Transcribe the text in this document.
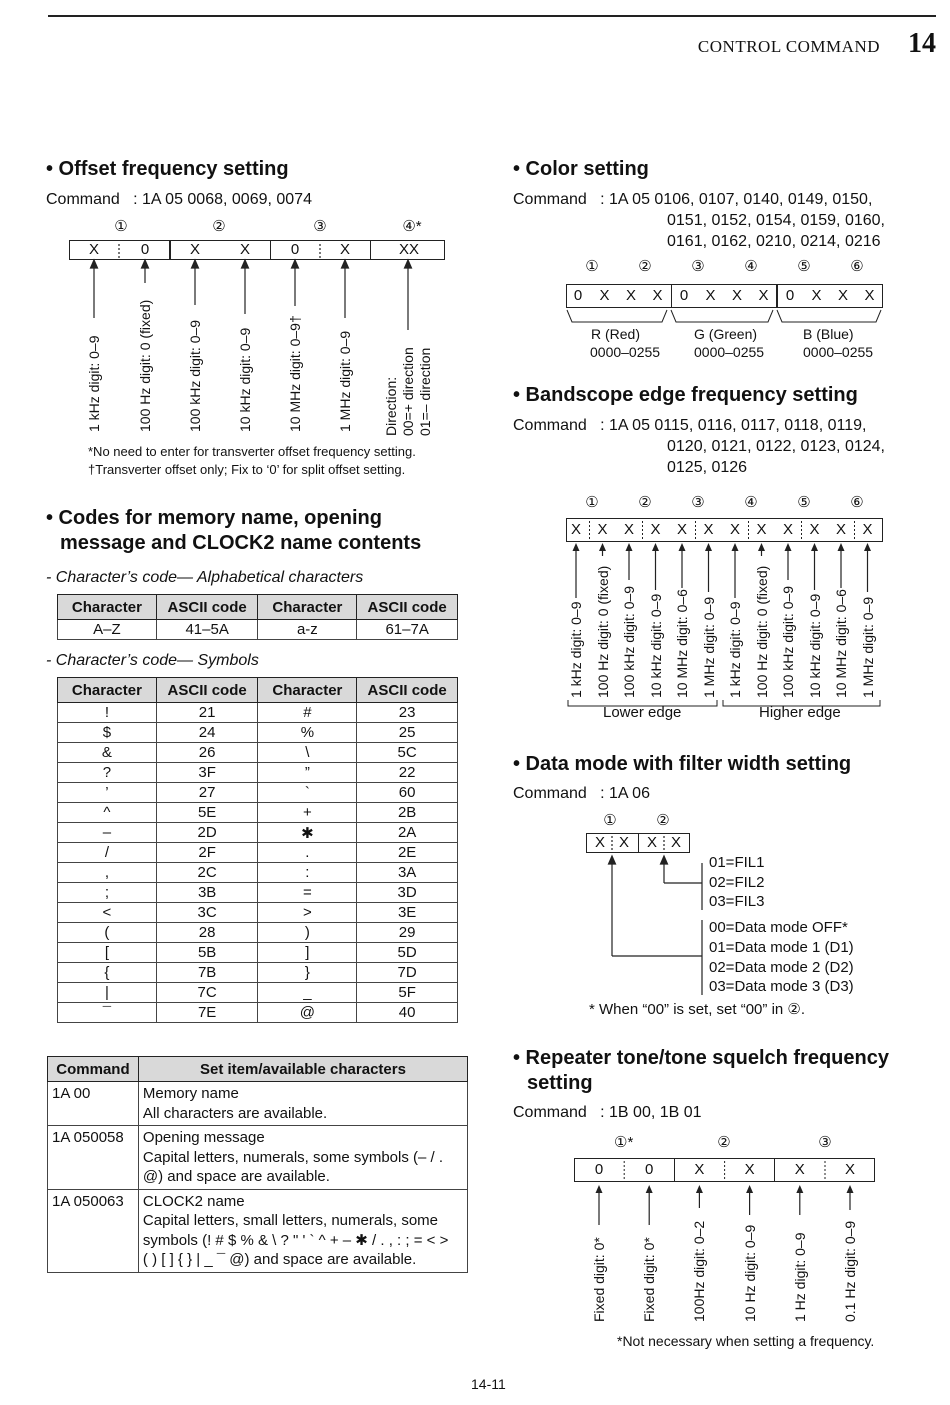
CONTROL COMMAND 14
• Offset frequency setting
Command   : 1A 05 0068, 0069, 0074
①	②	③	④*
X	0	X	X	0	X	XX
1 kHz digit: 0–9	100 Hz digit: 0 (fixed) 100 kHz digit: 0–9 10 kHz digit: 0–9 10 MHz digit: 0–9† 1 MHz digit: 0–9 Direction: 00=+ direction 01=– direction
*No need to enter for transverter offset frequency setting.
†Transverter offset only; Fix to ‘0’ for split offset setting.
• Codes for memory name, opening
message and CLOCK2 name contents
- Character’s code— Alphabetical characters
Character	ASCII code	Character	ASCII code
A–Z	41–5A	a-z	61–7A
- Character’s code— Symbols
Character	ASCII code	Character	ASCII code
!	21	#	23
$	24	%	25
&	26	\	5C
?	3F	”	22
’	27	`	60
^	5E	+	2B
–	2D	✱	2A
/	2F	.	2E
,	2C	:	3A
;	3B	=	3D
<	3C	>	3E
(	28	)	29
[	5B	]	5D
{	7B	}	7D
|	7C	_	5F
¯	7E	@	40
Command	Set item/available characters
1A 00	Memory name
All characters are available.

1A 050058	Opening message
Capital letters, numerals, some symbols (– / .
@) and space are available.

1A 050063	CLOCK2 name
Capital letters, small letters, numerals, some
symbols (! # $ % & \ ? " ' ` ^ + – ✱ / . , : ; = < >
( ) [ ] { } | _ ¯ @) and space are available.
• Color setting
Command   : 1A 05 0106, 0107, 0140, 0149, 0150,
0151, 0152, 0154, 0159, 0160,
0161, 0162, 0210, 0214, 0216
①	②	③	④	⑤	⑥
0	X	X	X	0	X	X	X	0	X	X	X
R (Red)
0000–0255
G (Green)
0000–0255
B (Blue)
0000–0255
• Bandscope edge frequency setting
Command   : 1A 05 0115, 0116, 0117, 0118, 0119,
0120, 0121, 0122, 0123, 0124,
0125, 0126
①	②	③	④	⑤	⑥
X	X	X	X	X	X	X	X	X	X	X	X
1 kHz digit: 0–9 100 Hz digit: 0 (fixed) 100 kHz digit: 0–9 10 kHz digit: 0–9 10 MHz digit: 0–6 1 MHz digit: 0–9 1 kHz digit: 0–9 100 Hz digit: 0 (fixed) 100 kHz digit: 0–9 10 kHz digit: 0–9 10 MHz digit: 0–6 1 MHz digit: 0–9
Lower edge	Higher edge
• Data mode with filter width setting
Command   : 1A 06
①	②
X X	X X
01=FIL1
02=FIL2
03=FIL3
00=Data mode OFF*
01=Data mode 1 (D1)
02=Data mode 2 (D2)
03=Data mode 3 (D3)
* When “00” is set, set “00” in ②.
• Repeater tone/tone squelch frequency
setting
Command   : 1B 00, 1B 01
①*	②	③
0	0	X	X	X	X
Fixed digit: 0* Fixed digit: 0* 100Hz digit: 0–2 10 Hz digit: 0–9 1 Hz digit: 0–9 0.1 Hz digit: 0–9
*Not necessary when setting a frequency.
14-11
